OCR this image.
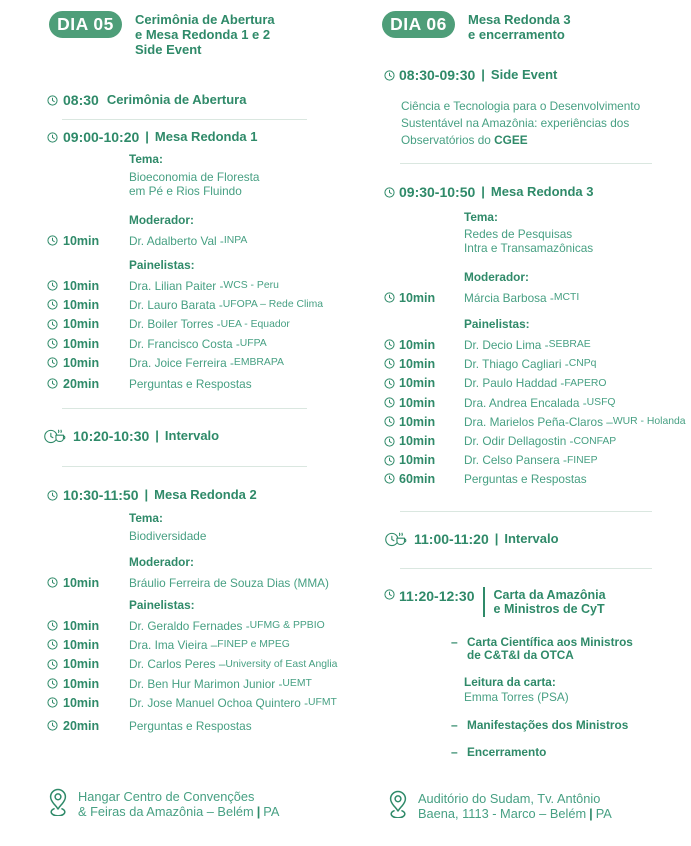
DIA 05	Cerimônia de Abertura
e Mesa Redonda 1 e 2
Side Event
08:30 Cerimônia de Abertura
09:00-10:20 | Mesa Redonda 1
Tema:
Bioeconomia de Floresta
em Pé e Rios Fluindo
Moderador:
10min	Dr. Adalberto Val - INPA
Painelistas:
10min	Dra. Lilian Paiter - WCS - Peru
10min	Dr. Lauro Barata - UFOPA – Rede Clima
10min	Dr. Boiler Torres - UEA - Equador
10min	Dr. Francisco Costa - UFPA
10min	Dra. Joice Ferreira - EMBRAPA
20min	Perguntas e Respostas
10:20-10:30 | Intervalo
10:30-11:50 | Mesa Redonda 2
Tema:
Biodiversidade
Moderador:
10min	Bráulio Ferreira de Souza Dias (MMA)
Painelistas:
10min	Dr. Geraldo Fernades - UFMG & PPBIO
10min	Dra. Ima Vieira – FINEP e MPEG
10min	Dr. Carlos Peres – University of East Anglia
10min	Dr. Ben Hur Marimon Junior - UEMT
10min	Dr. Jose Manuel Ochoa Quintero - UFMT
20min	Perguntas e Respostas
Hangar Centro de Convenções
& Feiras da Amazônia – Belém | PA
DIA 06	Mesa Redonda 3
e encerramento
08:30-09:30 | Side Event
Ciência e Tecnologia para o Desenvolvimento
Sustentável na Amazônia: experiências dos
Observatórios do CGEE
09:30-10:50 | Mesa Redonda 3
Tema:
Redes de Pesquisas
Intra e Transamazônicas
Moderador:
10min	Márcia Barbosa - MCTI
Painelistas:
10min	Dr. Decio Lima - SEBRAE
10min	Dr. Thiago Cagliari - CNPq
10min	Dr. Paulo Haddad - FAPERO
10min	Dra. Andrea Encalada - USFQ
10min	Dra. Marielos Peña-Claros – WUR - Holanda
10min	Dr. Odir Dellagostin - CONFAP
10min	Dr. Celso Pansera - FINEP
60min	Perguntas e Respostas
11:00-11:20 | Intervalo
11:20-12:30 Carta da Amazônia
e Ministros de CyT
– Carta Científica aos Ministros
de C&T&I da OTCA
Leitura da carta:
Emma Torres (PSA)
– Manifestações dos Ministros
– Encerramento
Auditório do Sudam, Tv. Antônio
Baena, 1113 - Marco – Belém | PA
